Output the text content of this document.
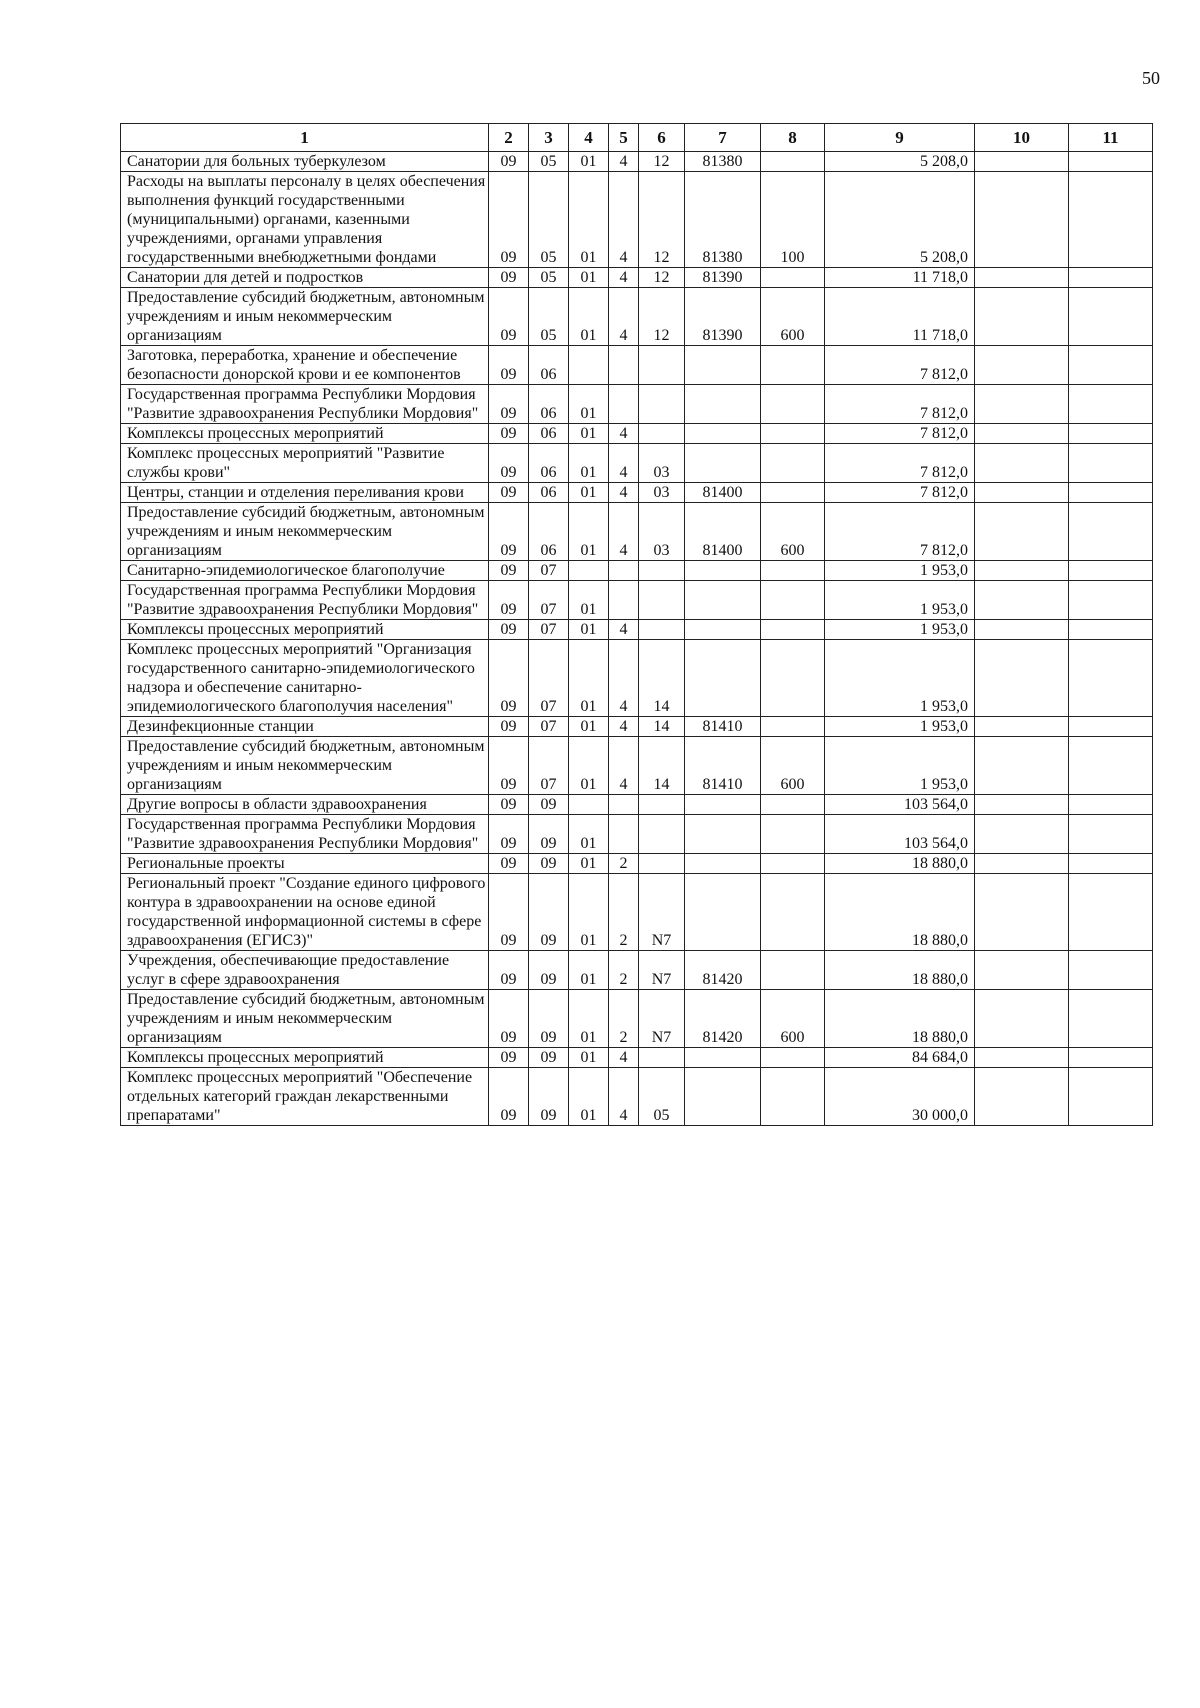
50
1	2	3	4	5	6	7	8	9	10	11
Санатории для больных туберкулезом	09	05	01	4	12	81380		5 208,0		
Расходы на выплаты персоналу в целях обеспечения выполнения функций государственными (муниципальными) органами, казенными учреждениями, органами управления государственными внебюджетными фондами	09	05	01	4	12	81380	100	5 208,0		
Санатории для детей и подростков	09	05	01	4	12	81390		11 718,0		
Предоставление субсидий бюджетным, автономным учреждениям и иным некоммерческим организациям	09	05	01	4	12	81390	600	11 718,0		
Заготовка, переработка, хранение и обеспечение безопасности донорской крови и ее компонентов	09	06						7 812,0		
Государственная программа Республики Мордовия "Развитие здравоохранения Республики Мордовия"	09	06	01					7 812,0		
Комплексы процессных мероприятий	09	06	01	4				7 812,0		
Комплекс процессных мероприятий "Развитие службы крови"	09	06	01	4	03			7 812,0		
Центры, станции и отделения переливания крови	09	06	01	4	03	81400		7 812,0		
Предоставление субсидий бюджетным, автономным учреждениям и иным некоммерческим организациям	09	06	01	4	03	81400	600	7 812,0		
Санитарно-эпидемиологическое благополучие	09	07						1 953,0		
Государственная программа Республики Мордовия "Развитие здравоохранения Республики Мордовия"	09	07	01					1 953,0		
Комплексы процессных мероприятий	09	07	01	4				1 953,0		
Комплекс процессных мероприятий "Организация государственного санитарно-эпидемиологического надзора и обеспечение санитарно-эпидемиологического благополучия населения"	09	07	01	4	14			1 953,0		
Дезинфекционные станции	09	07	01	4	14	81410		1 953,0		
Предоставление субсидий бюджетным, автономным учреждениям и иным некоммерческим организациям	09	07	01	4	14	81410	600	1 953,0		
Другие вопросы в области здравоохранения	09	09						103 564,0		
Государственная программа Республики Мордовия "Развитие здравоохранения Республики Мордовия"	09	09	01					103 564,0		
Региональные проекты	09	09	01	2				18 880,0		
Региональный проект "Создание единого цифрового контура в здравоохранении на основе единой государственной информационной системы в сфере здравоохранения (ЕГИСЗ)"	09	09	01	2	N7			18 880,0		
Учреждения, обеспечивающие предоставление услуг в сфере здравоохранения	09	09	01	2	N7	81420		18 880,0		
Предоставление субсидий бюджетным, автономным учреждениям и иным некоммерческим организациям	09	09	01	2	N7	81420	600	18 880,0		
Комплексы процессных мероприятий	09	09	01	4				84 684,0		
Комплекс процессных мероприятий "Обеспечение отдельных категорий граждан лекарственными препаратами"	09	09	01	4	05			30 000,0		
